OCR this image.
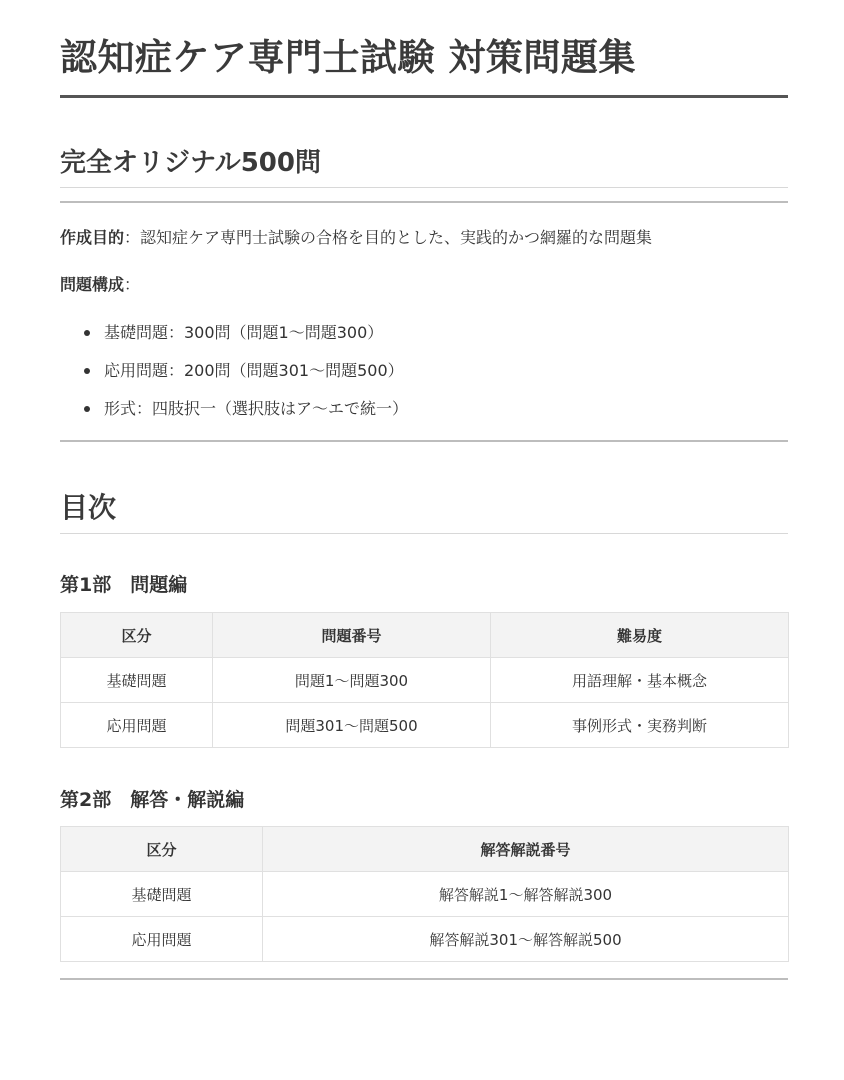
認知症ケア専門士試験 対策問題集
完全オリジナル500問
作成目的：認知症ケア専門士試験の合格を目的とした、実践的かつ網羅的な問題集
問題構成：
基礎問題：300問（問題1〜問題300）
応用問題：200問（問題301〜問題500）
形式：四肢択一（選択肢はア〜エで統一）
目次
第1部　問題編
区分	問題番号	難易度
基礎問題	問題1〜問題300	用語理解・基本概念
応用問題	問題301〜問題500	事例形式・実務判断
第2部　解答・解説編
区分	解答解説番号
基礎問題	解答解説1〜解答解説300
応用問題	解答解説301〜解答解説500
